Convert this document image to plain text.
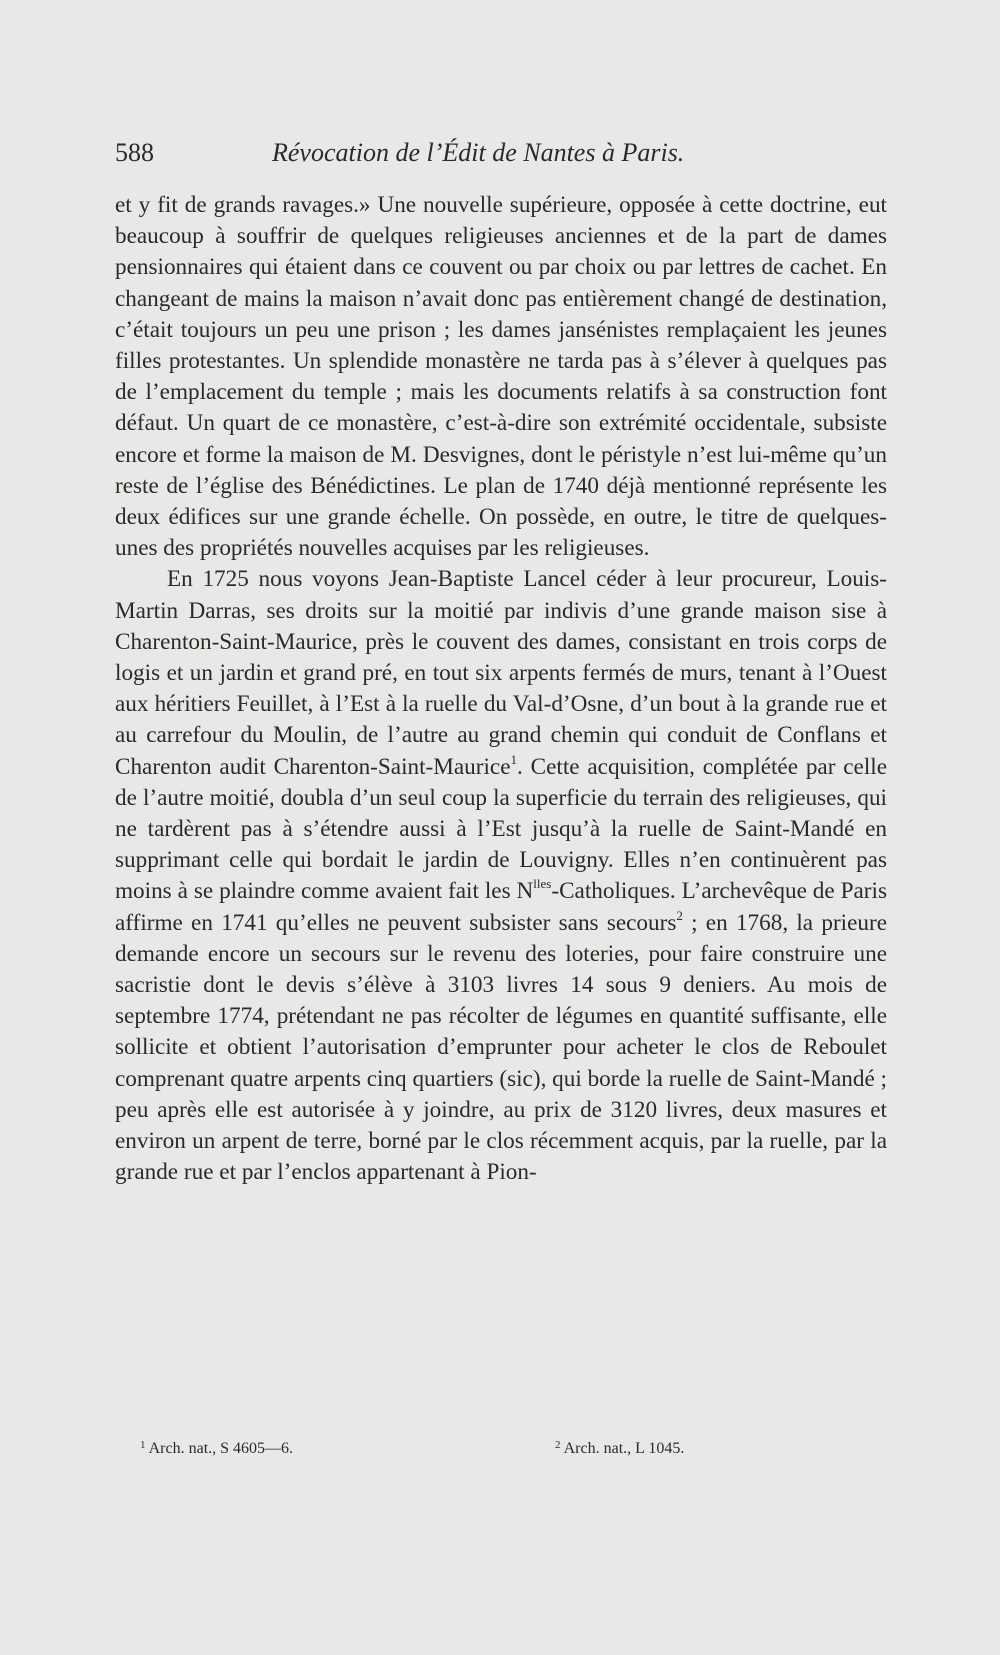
588	Révocation de l’Édit de Nantes à Paris.

et y fit de grands ravages.» Une nouvelle supérieure, opposée à cette doctrine, eut beaucoup à souffrir de quelques religieuses anciennes et de la part de dames pensionnaires qui étaient dans ce couvent ou par choix ou par lettres de cachet. En changeant de mains la maison n’avait donc pas entièrement changé de destination, c’était toujours un peu une prison ; les dames jansénistes remplaçaient les jeunes filles protestantes. Un splendide monastère ne tarda pas à s’élever à quelques pas de l’emplacement du temple ; mais les documents relatifs à sa construction font défaut. Un quart de ce monastère, c’est-à-dire son extrémité occidentale, subsiste encore et forme la maison de M. Desvignes, dont le péristyle n’est lui-même qu’un reste de l’église des Bénédictines. Le plan de 1740 déjà mentionné représente les deux édifices sur une grande échelle. On possède, en outre, le titre de quelques-unes des propriétés nouvelles acquises par les religieuses.

En 1725 nous voyons Jean-Baptiste Lancel céder à leur procureur, Louis-Martin Darras, ses droits sur la moitié par indivis d’une grande maison sise à Charenton-Saint-Maurice, près le couvent des dames, consistant en trois corps de logis et un jardin et grand pré, en tout six arpents fermés de murs, tenant à l’Ouest aux héritiers Feuillet, à l’Est à la ruelle du Val-d’Osne, d’un bout à la grande rue et au carrefour du Moulin, de l’autre au grand chemin qui conduit de Conflans et Charenton audit Charenton-Saint-Maurice$^1$. Cette acquisition, complétée par celle de l’autre moitié, doubla d’un seul coup la superficie du terrain des religieuses, qui ne tardèrent pas à s’étendre aussi à l’Est jusqu’à la ruelle de Saint-Mandé en supprimant celle qui bordait le jardin de Louvigny. Elles n’en continuèrent pas moins à se plaindre comme avaient fait les $N^{lles}$-Catholiques. L’archevêque de Paris affirme en 1741 qu’elles ne peuvent subsister sans secours$^2$ ; en 1768, la prieure demande encore un secours sur le revenu des loteries, pour faire construire une sacristie dont le devis s’élève à 3103 livres 14 sous 9 deniers. Au mois de septembre 1774, prétendant ne pas récolter de légumes en quantité suffisante, elle sollicite et obtient l’autorisation d’emprunter pour acheter le clos de Reboulet comprenant quatre arpents cinq quartiers (sic), qui borde la ruelle de Saint-Mandé ; peu après elle est autorisée à y joindre, au prix de 3120 livres, deux masures et environ un arpent de terre, borné par le clos récemment acquis, par la ruelle, par la grande rue et par l’enclos appartenant à Pion-

$^1$ Arch. nat., S 4605—6.	$^2$ Arch. nat., L 1045.
